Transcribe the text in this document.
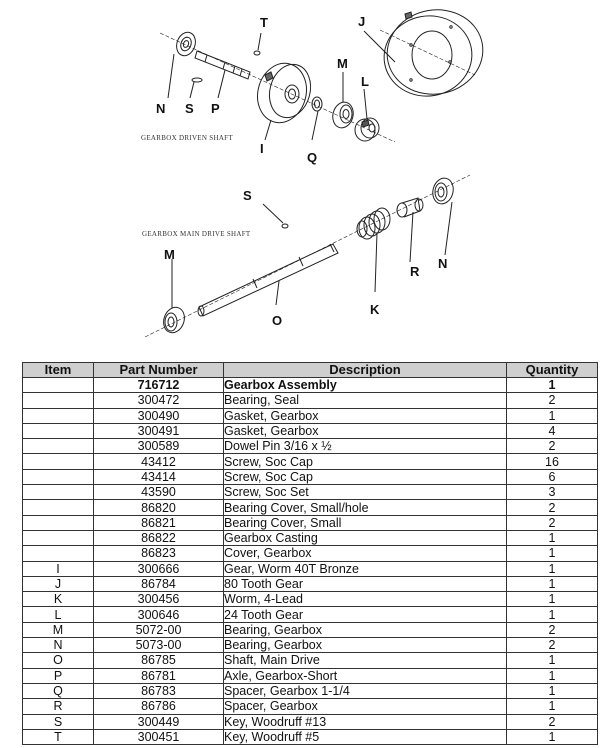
T	J
M
L
N S P
I
Q
GEARBOX DRIVEN SHAFT
S
GEARBOX MAIN DRIVE SHAFT
M
N
R
K
O
Item	Part Number	Description	Quantity
	716712	Gearbox Assembly	1
	300472	Bearing, Seal	2
	300490	Gasket, Gearbox	1
	300491	Gasket, Gearbox	4
	300589	Dowel Pin 3/16 x ½	2
	43412	Screw, Soc Cap	16
	43414	Screw, Soc Cap	6
	43590	Screw, Soc Set	3
	86820	Bearing Cover, Small/hole	2
	86821	Bearing Cover, Small	2
	86822	Gearbox Casting	1
	86823	Cover, Gearbox	1
I	300666	Gear, Worm 40T Bronze	1
J	86784	80 Tooth Gear	1
K	300456	Worm, 4-Lead	1
L	300646	24 Tooth Gear	1
M	5072-00	Bearing, Gearbox	2
N	5073-00	Bearing, Gearbox	2
O	86785	Shaft, Main Drive	1
P	86781	Axle, Gearbox-Short	1
Q	86783	Spacer, Gearbox 1-1/4	1
R	86786	Spacer, Gearbox	1
S	300449	Key, Woodruff #13	2
T	300451	Key, Woodruff #5	1
